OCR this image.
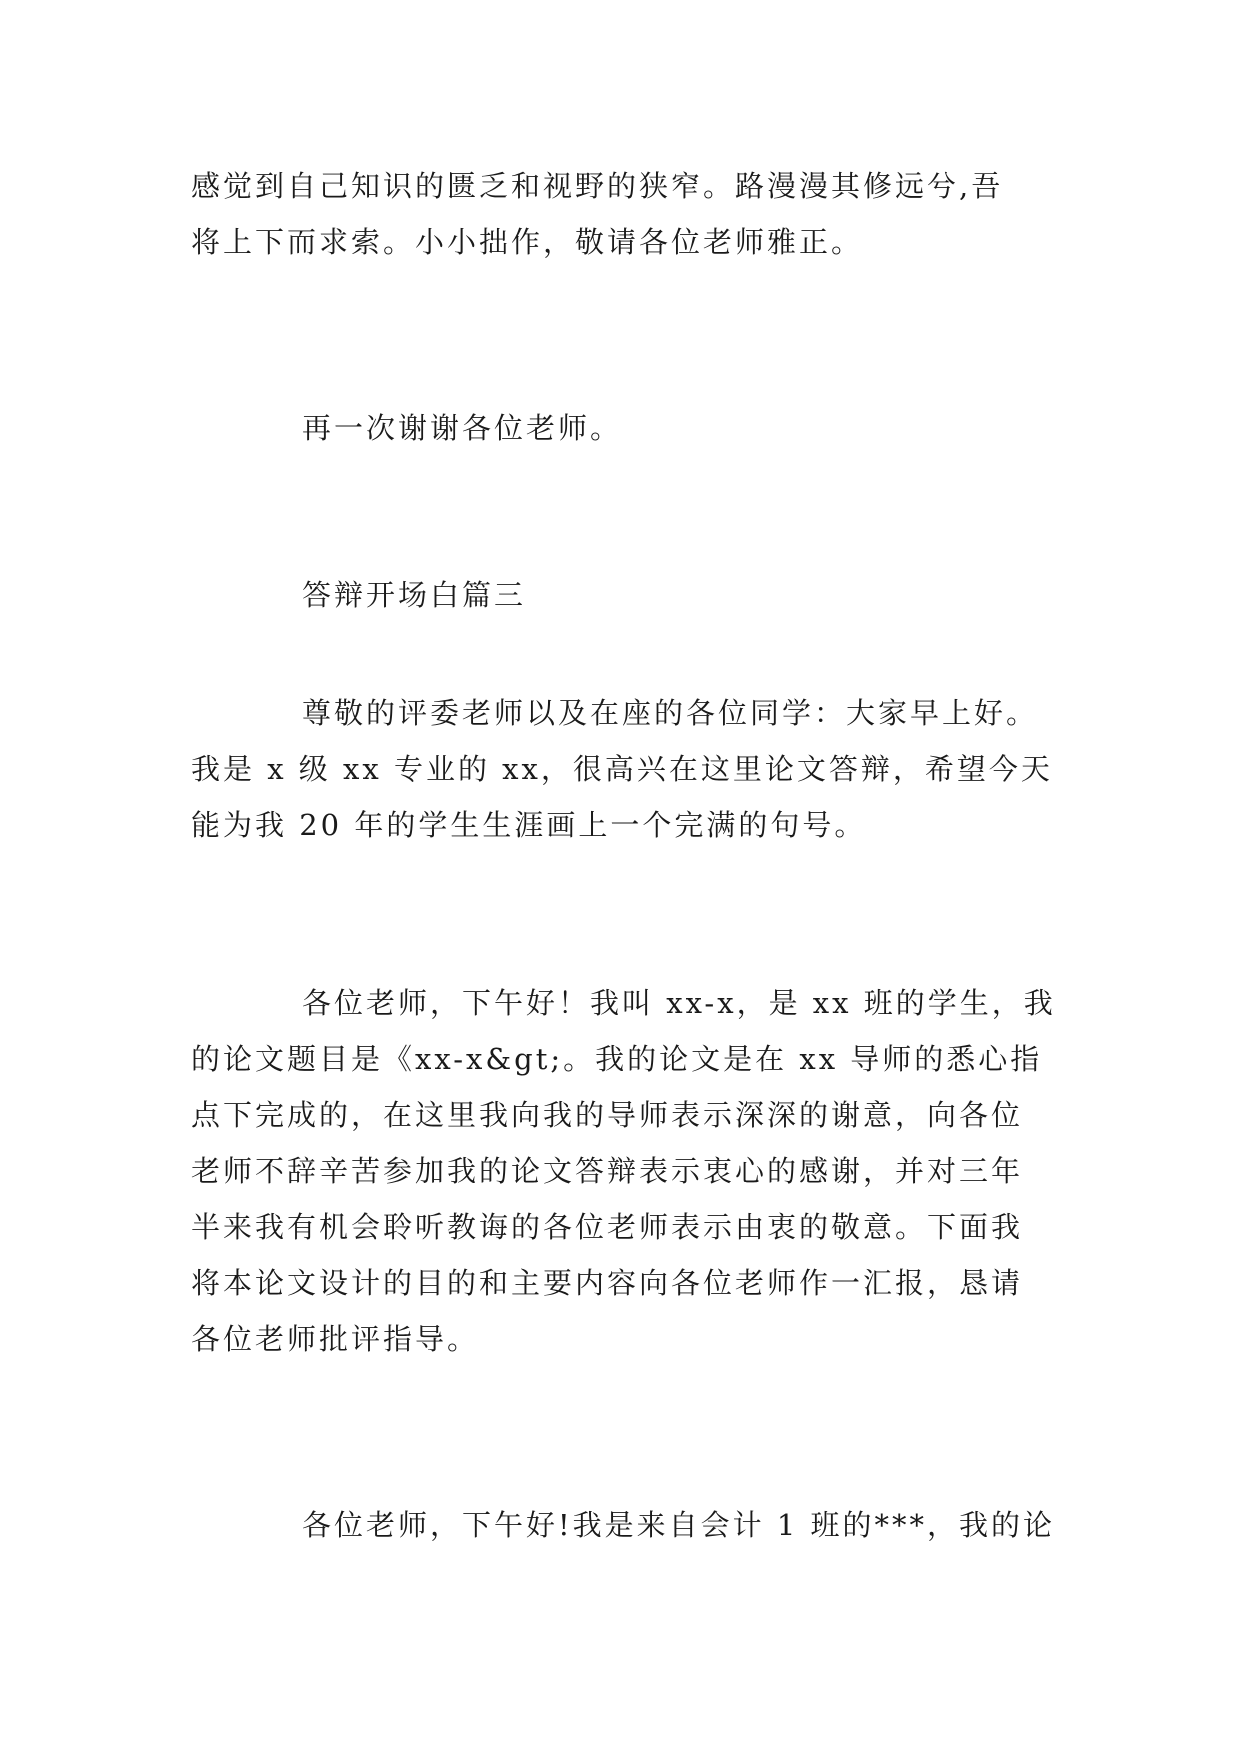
感觉到自己知识的匮乏和视野的狭窄。路漫漫其修远兮,吾
将上下而求索。小小拙作，敬请各位老师雅正。
再一次谢谢各位老师。
答辩开场白篇三
尊敬的评委老师以及在座的各位同学：大家早上好。
我是 x 级 xx 专业的 xx，很高兴在这里论文答辩，希望今天
能为我 20 年的学生生涯画上一个完满的句号。
各位老师，下午好！我叫 xx-x，是 xx 班的学生，我
的论文题目是《xx-x&gt;。我的论文是在 xx 导师的悉心指
点下完成的，在这里我向我的导师表示深深的谢意，向各位
老师不辞辛苦参加我的论文答辩表示衷心的感谢，并对三年
半来我有机会聆听教诲的各位老师表示由衷的敬意。下面我
将本论文设计的目的和主要内容向各位老师作一汇报，恳请
各位老师批评指导。
各位老师，下午好!我是来自会计 1 班的***，我的论
